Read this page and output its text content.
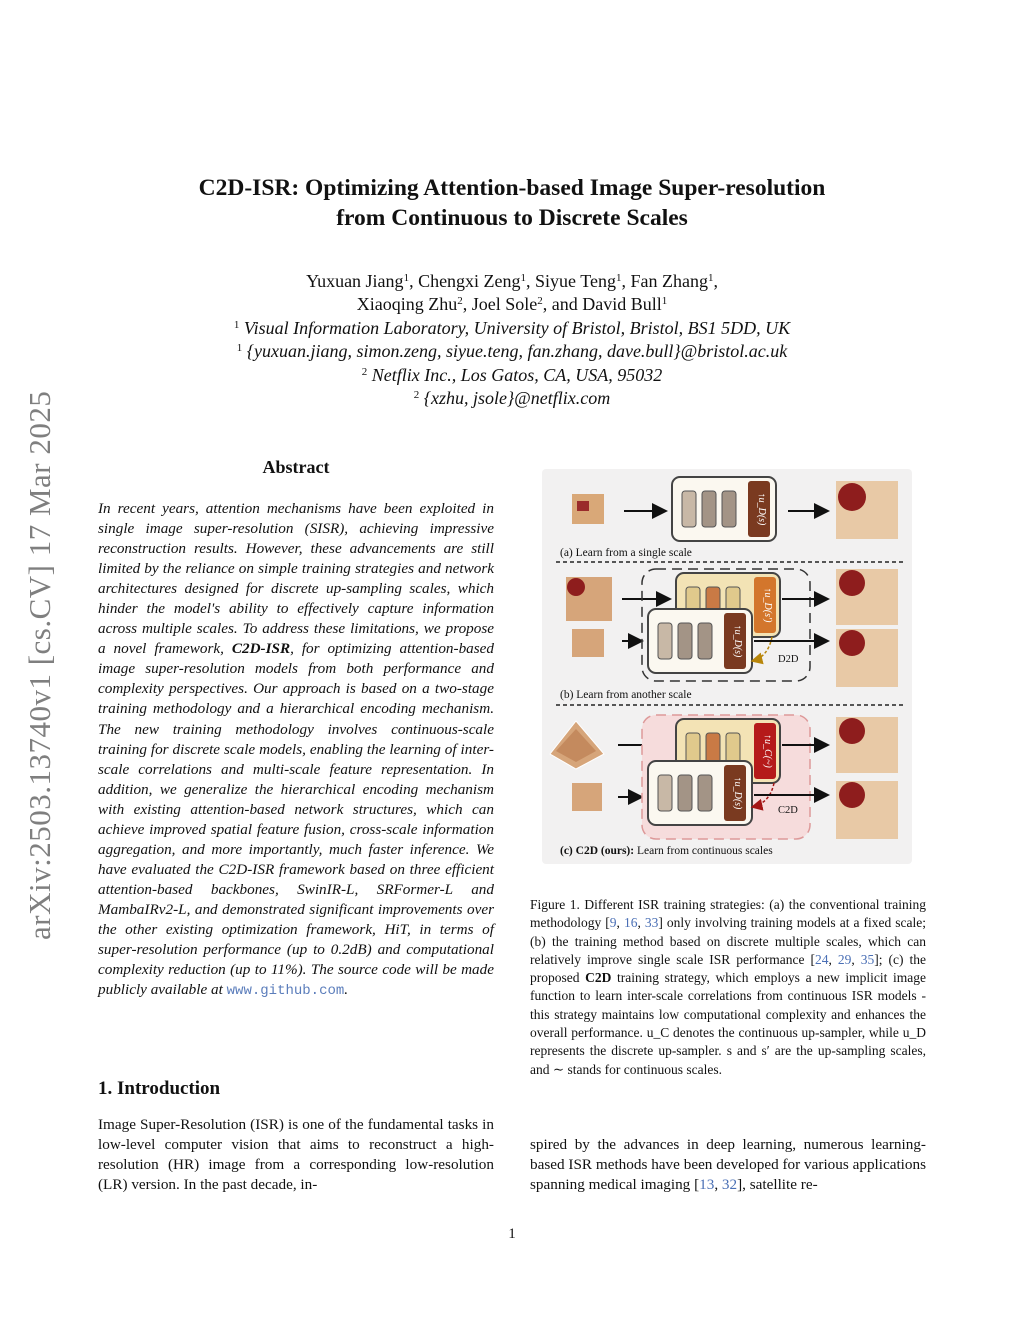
arXiv:2503.13740v1 [cs.CV] 17 Mar 2025
C2D-ISR: Optimizing Attention-based Image Super-resolution
from Continuous to Discrete Scales
Yuxuan Jiang$^1$, Chengxi Zeng$^1$, Siyue Teng$^1$, Fan Zhang$^1$,
Xiaoqing Zhu$^2$, Joel Sole$^2$, and David Bull$^1$
$^1$ Visual Information Laboratory, University of Bristol, Bristol, BS1 5DD, UK
$^1$ {yuxuan.jiang, simon.zeng, siyue.teng, fan.zhang, dave.bull}@bristol.ac.uk
$^2$ Netflix Inc., Los Gatos, CA, USA, 95032
$^2$ {xzhu, jsole}@netflix.com
Abstract
In recent years, attention mechanisms have been exploited in single image super-resolution (SISR), achieving impressive reconstruction results. However, these advancements are still limited by the reliance on simple training strategies and network architectures designed for discrete up-sampling scales, which hinder the model's ability to effectively capture information across multiple scales. To address these limitations, we propose a novel framework, C2D-ISR, for optimizing attention-based image super-resolution models from both performance and complexity perspectives. Our approach is based on a two-stage training methodology and a hierarchical encoding mechanism. The new training methodology involves continuous-scale training for discrete scale models, enabling the learning of inter-scale correlations and multi-scale feature representation. In addition, we generalize the hierarchical encoding mechanism with existing attention-based network structures, which can achieve improved spatial feature fusion, cross-scale information aggregation, and more importantly, much faster inference. We have evaluated the C2D-ISR framework based on three efficient attention-based backbones, SwinIR-L, SRFormer-L and MambaIRv2-L, and demonstrated significant improvements over the other existing optimization framework, HiT, in terms of super-resolution performance (up to 0.2dB) and computational complexity reduction (up to 11%). The source code will be made publicly available at www.github.com.
1. Introduction
Image Super-Resolution (ISR) is one of the fundamental tasks in low-level computer vision that aims to reconstruct a high-resolution (HR) image from a corresponding low-resolution (LR) version. In the past decade, in-
↑u_D(s)
(a) Learn from a single scale
↑u_D(s′)
↑u_D(s)
D2D
(b) Learn from another scale
↑u_C(~)
↑u_D(s)
C2D
(c) C2D (ours): Learn from continuous scales
Figure 1. Different ISR training strategies: (a) the conventional training methodology [9, 16, 33] only involving training models at a fixed scale; (b) the training method based on discrete multiple scales, which can relatively improve single scale ISR performance [24, 29, 35]; (c) the proposed C2D training strategy, which employs a new implicit image function to learn inter-scale correlations from continuous ISR models - this strategy maintains low computational complexity and enhances the overall performance. u_C denotes the continuous up-sampler, while u_D represents the discrete up-sampler. s and s′ are the up-sampling scales, and ∼ stands for continuous scales.
spired by the advances in deep learning, numerous learning-based ISR methods have been developed for various applications spanning medical imaging [13, 32], satellite re-
1
